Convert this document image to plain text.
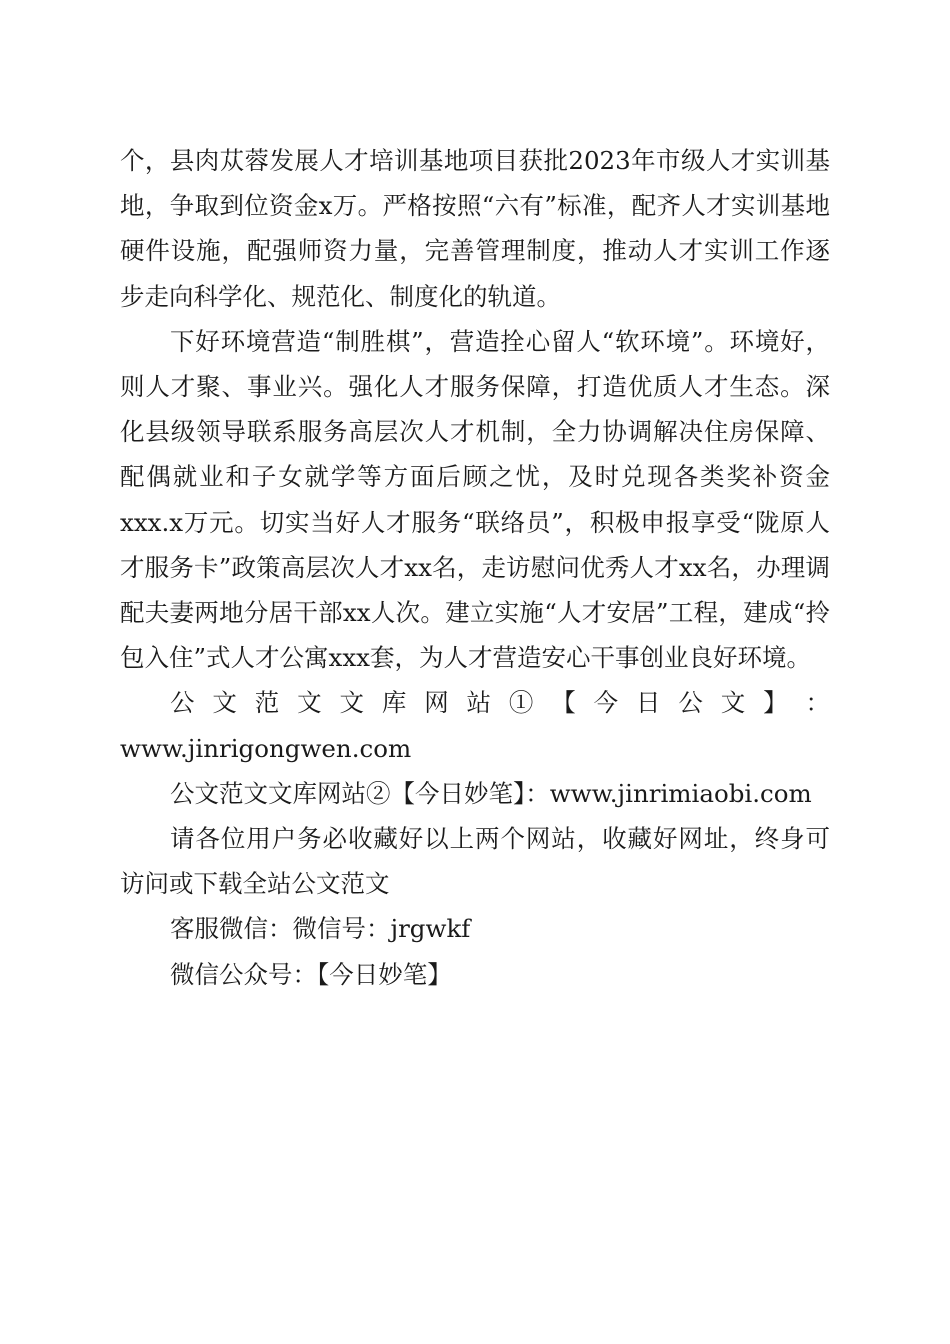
个，县肉苁蓉发展人才培训基地项目获批2023年市级人才实训基地，争取到位资金x万。严格按照“六有”标准，配齐人才实训基地硬件设施，配强师资力量，完善管理制度，推动人才实训工作逐步走向科学化、规范化、制度化的轨道。

下好环境营造“制胜棋”，营造拴心留人“软环境”。环境好，则人才聚、事业兴。强化人才服务保障，打造优质人才生态。深化县级领导联系服务高层次人才机制，全力协调解决住房保障、配偶就业和子女就学等方面后顾之忧，及时兑现各类奖补资金xxx.x万元。切实当好人才服务“联络员”，积极申报享受“陇原人才服务卡”政策高层次人才xx名，走访慰问优秀人才xx名，办理调配夫妻两地分居干部xx人次。建立实施“人才安居”工程，建成“拎包入住”式人才公寓xxx套，为人才营造安心干事创业良好环境。

公 文 范 文 文 库 网 站 ① 【 今 日 公 文 】 ：

www.jinrigongwen.com

公文范文文库网站②【今日妙笔】：www.jinrimiaobi.com

请各位用户务必收藏好以上两个网站，收藏好网址，终身可访问或下载全站公文范文

客服微信：微信号：jrgwkf

微信公众号：【今日妙笔】
